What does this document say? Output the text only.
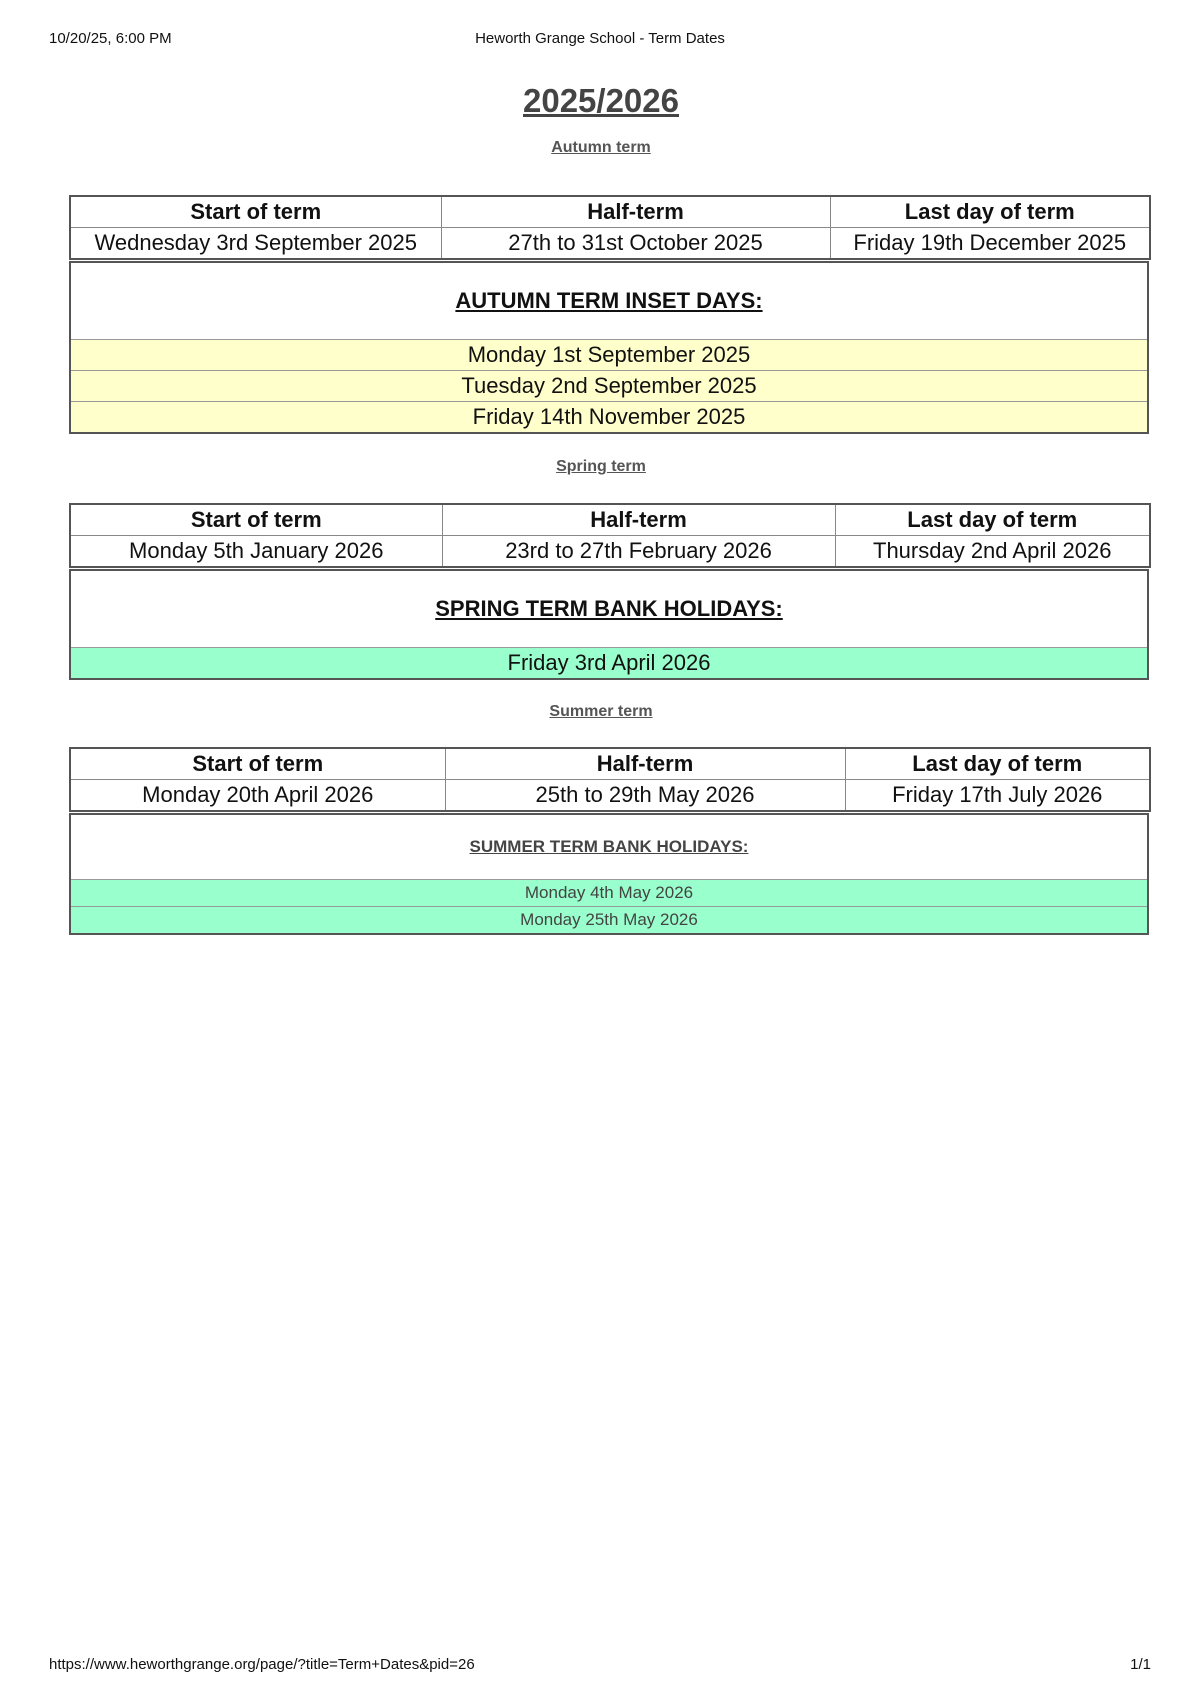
10/20/25, 6:00 PM	Heworth Grange School - Term Dates
2025/2026
Autumn term
Start of term	Half-term	Last day of term
Wednesday 3rd September 2025	27th to 31st October 2025	Friday 19th December 2025
AUTUMN TERM INSET DAYS:
Monday 1st September 2025
Tuesday 2nd September 2025
Friday 14th November 2025
Spring term
Start of term	Half-term	Last day of term
Monday 5th January 2026	23rd to 27th February 2026	Thursday 2nd April 2026
SPRING TERM BANK HOLIDAYS:
Friday 3rd April 2026
Summer term
Start of term	Half-term	Last day of term
Monday 20th April 2026	25th to 29th May 2026	Friday 17th July 2026
SUMMER TERM BANK HOLIDAYS:
Monday 4th May 2026
Monday 25th May 2026
https://www.heworthgrange.org/page/?title=Term+Dates&pid=26	1/1
